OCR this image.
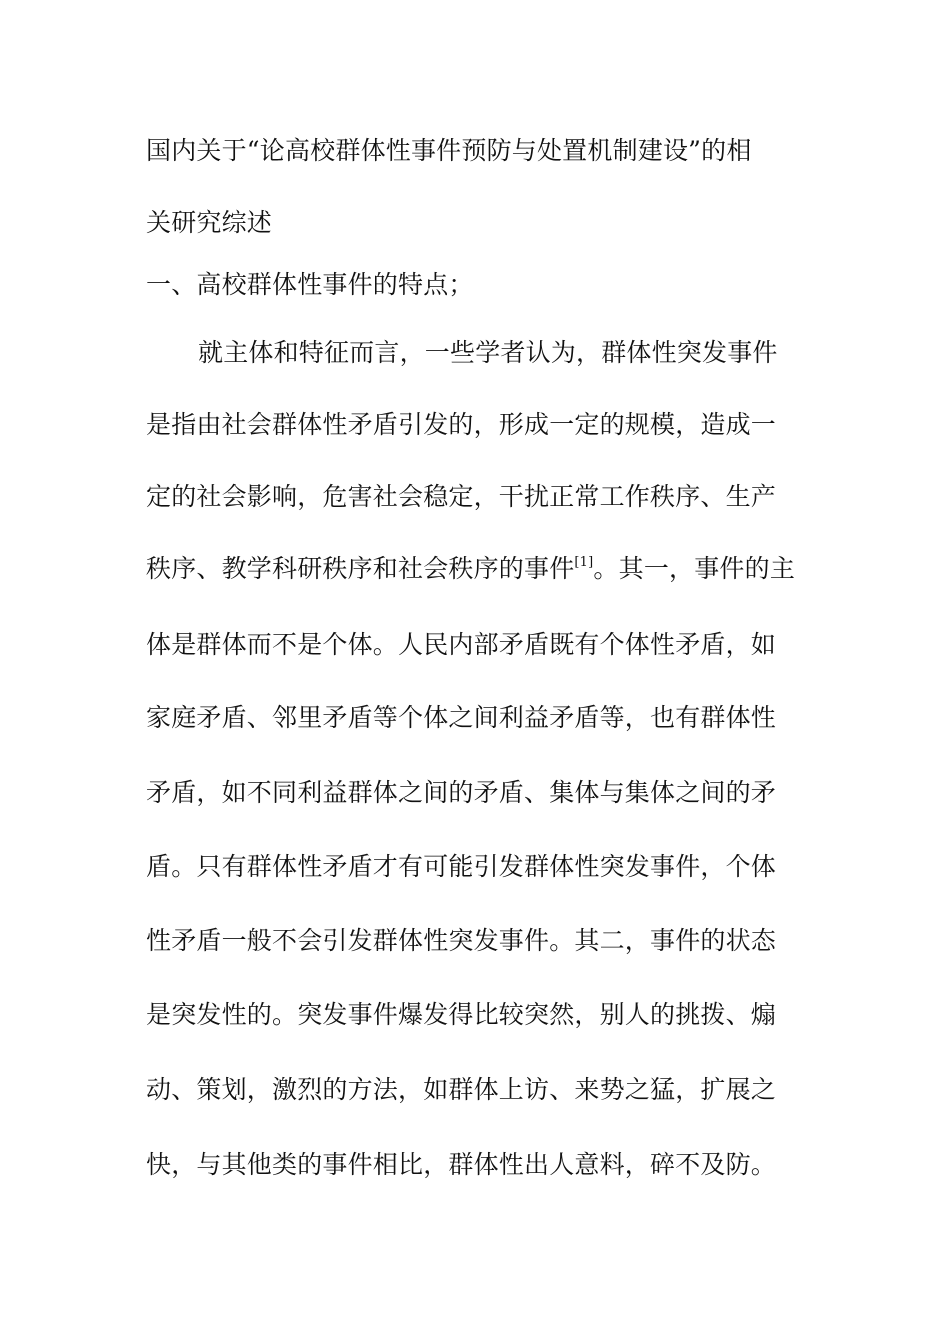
国内关于“论高校群体性事件预防与处置机制建设”的相
关研究综述
一、高校群体性事件的特点；
就主体和特征而言，一些学者认为，群体性突发事件
是指由社会群体性矛盾引发的，形成一定的规模，造成一
定的社会影响，危害社会稳定，干扰正常工作秩序、生产
秩序、教学科研秩序和社会秩序的事件[1]。其一，事件的主
体是群体而不是个体。人民内部矛盾既有个体性矛盾，如
家庭矛盾、邻里矛盾等个体之间利益矛盾等，也有群体性
矛盾，如不同利益群体之间的矛盾、集体与集体之间的矛
盾。只有群体性矛盾才有可能引发群体性突发事件，个体
性矛盾一般不会引发群体性突发事件。其二，事件的状态
是突发性的。突发事件爆发得比较突然，别人的挑拨、煽
动、策划，激烈的方法，如群体上访、来势之猛，扩展之
快，与其他类的事件相比，群体性出人意料，碎不及防。
